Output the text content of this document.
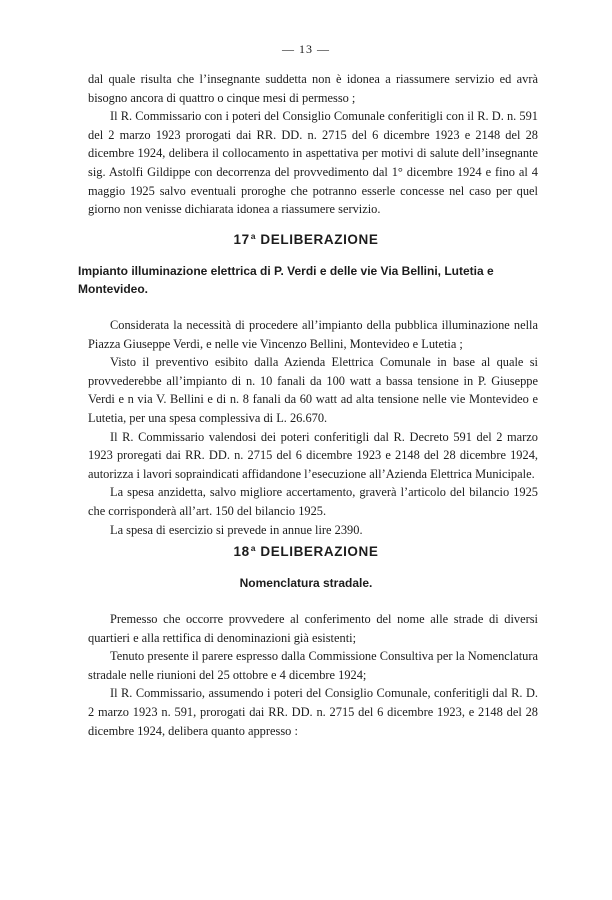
— 13 —

dal quale risulta che l’insegnante suddetta non è idonea a riassumere servizio ed avrà bisogno ancora di quattro o cinque mesi di permesso ;

Il R. Commissario con i poteri del Consiglio Comunale conferitigli con il R. D. n. 591 del 2 marzo 1923 prorogati dai RR. DD. n. 2715 del 6 dicembre 1923 e 2148 del 28 dicembre 1924, delibera il collocamento in aspettativa per motivi di salute dell’insegnante sig. Astolfi Gildippe con decorrenza del provvedimento dal 1° dicembre 1924 e fino al 4 maggio 1925 salvo eventuali proroghe che potranno esserle concesse nel caso per quel giorno non venisse dichiarata idonea a riassumere servizio.

17$^a$ DELIBERAZIONE
Impianto illuminazione elettrica di P. Verdi e delle vie Via Bellini, Lutetia e Montevideo.

Considerata la necessità di procedere all’impianto della pubblica illuminazione nella Piazza Giuseppe Verdi, e nelle vie Vincenzo Bellini, Montevideo e Lutetia ;

Visto il preventivo esibito dalla Azienda Elettrica Comunale in base al quale si provvederebbe all’impianto di n. 10 fanali da 100 watt a bassa tensione in P. Giuseppe Verdi e n via V. Bellini e di n. 8 fanali da 60 watt ad alta tensione nelle vie Montevideo e Lutetia, per una spesa complessiva di L. 26.670.

Il R. Commissario valendosi dei poteri conferitigli dal R. Decreto 591 del 2 marzo 1923 proregati dai RR. DD. n. 2715 del 6 dicembre 1923 e 2148 del 28 dicembre 1924, autorizza i lavori sopraindicati affidandone l’esecuzione all’Azienda Elettrica Municipale.

La spesa anzidetta, salvo migliore accertamento, graverà l’articolo del bilancio 1925 che corrisponderà all’art. 150 del bilancio 1925.

La spesa di esercizio si prevede in annue lire 2390.

18$^a$ DELIBERAZIONE
Nomenclatura stradale.

Premesso che occorre provvedere al conferimento del nome alle strade di diversi quartieri e alla rettifica di denominazioni già esistenti;

Tenuto presente il parere espresso dalla Commissione Consultiva per la Nomenclatura stradale nelle riunioni del 25 ottobre e 4 dicembre 1924;

Il R. Commissario, assumendo i poteri del Consiglio Comunale, conferitigli dal R. D. 2 marzo 1923 n. 591, prorogati dai RR. DD. n. 2715 del 6 dicembre 1923, e 2148 del 28 dicembre 1924, delibera quanto appresso :
